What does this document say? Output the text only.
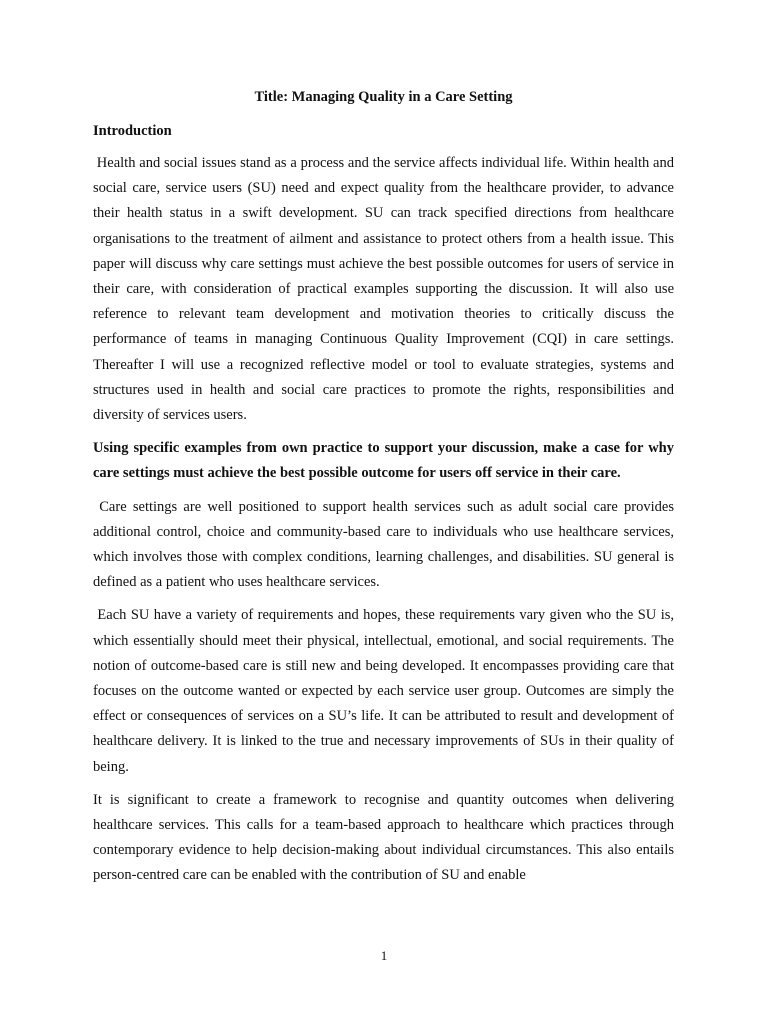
Title: Managing Quality in a Care Setting
Introduction

Health and social issues stand as a process and the service affects individual life. Within health and social care, service users (SU) need and expect quality from the healthcare provider, to advance their health status in a swift development. SU can track specified directions from healthcare organisations to the treatment of ailment and assistance to protect others from a health issue. This paper will discuss why care settings must achieve the best possible outcomes for users of service in their care, with consideration of practical examples supporting the discussion. It will also use reference to relevant team development and motivation theories to critically discuss the performance of teams in managing Continuous Quality Improvement (CQI) in care settings. Thereafter I will use a recognized reflective model or tool to evaluate strategies, systems and structures used in health and social care practices to promote the rights, responsibilities and diversity of services users.

Using specific examples from own practice to support your discussion, make a case for why care settings must achieve the best possible outcome for users off service in their care.

Care settings are well positioned to support health services such as adult social care provides additional control, choice and community-based care to individuals who use healthcare services, which involves those with complex conditions, learning challenges, and disabilities. SU general is defined as a patient who uses healthcare services.

Each SU have a variety of requirements and hopes, these requirements vary given who the SU is, which essentially should meet their physical, intellectual, emotional, and social requirements. The notion of outcome-based care is still new and being developed. It encompasses providing care that focuses on the outcome wanted or expected by each service user group. Outcomes are simply the effect or consequences of services on a SU’s life. It can be attributed to result and development of healthcare delivery. It is linked to the true and necessary improvements of SUs in their quality of being.

It is significant to create a framework to recognise and quantity outcomes when delivering healthcare services. This calls for a team-based approach to healthcare which practices through contemporary evidence to help decision-making about individual circumstances. This also entails person-centred care can be enabled with the contribution of SU and enable

1
